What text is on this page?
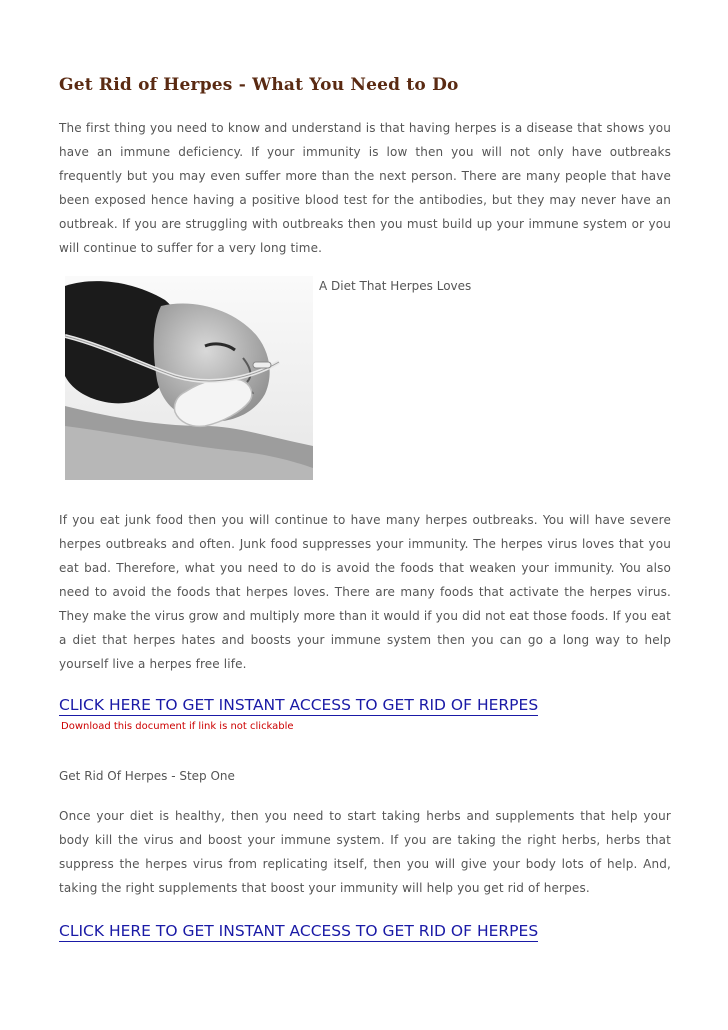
Get Rid of Herpes - What You Need to Do

The first thing you need to know and understand is that having herpes is a disease that shows you have an immune deficiency. If your immunity is low then you will not only have outbreaks frequently but you may even suffer more than the next person. There are many people that have been exposed hence having a positive blood test for the antibodies, but they may never have an outbreak. If you are struggling with outbreaks then you must build up your immune system or you will continue to suffer for a very long time.

A Diet That Herpes Loves

If you eat junk food then you will continue to have many herpes outbreaks. You will have severe herpes outbreaks and often. Junk food suppresses your immunity. The herpes virus loves that you eat bad. Therefore, what you need to do is avoid the foods that weaken your immunity. You also need to avoid the foods that herpes loves. There are many foods that activate the herpes virus. They make the virus grow and multiply more than it would if you did not eat those foods. If you eat a diet that herpes hates and boosts your immune system then you can go a long way to help yourself live a herpes free life.

CLICK HERE TO GET INSTANT ACCESS TO GET RID OF HERPES
Download this document if link is not clickable
Get Rid Of Herpes - Step One

Once your diet is healthy, then you need to start taking herbs and supplements that help your body kill the virus and boost your immune system. If you are taking the right herbs, herbs that suppress the herpes virus from replicating itself, then you will give your body lots of help. And, taking the right supplements that boost your immunity will help you get rid of herpes.

CLICK HERE TO GET INSTANT ACCESS TO GET RID OF HERPES
